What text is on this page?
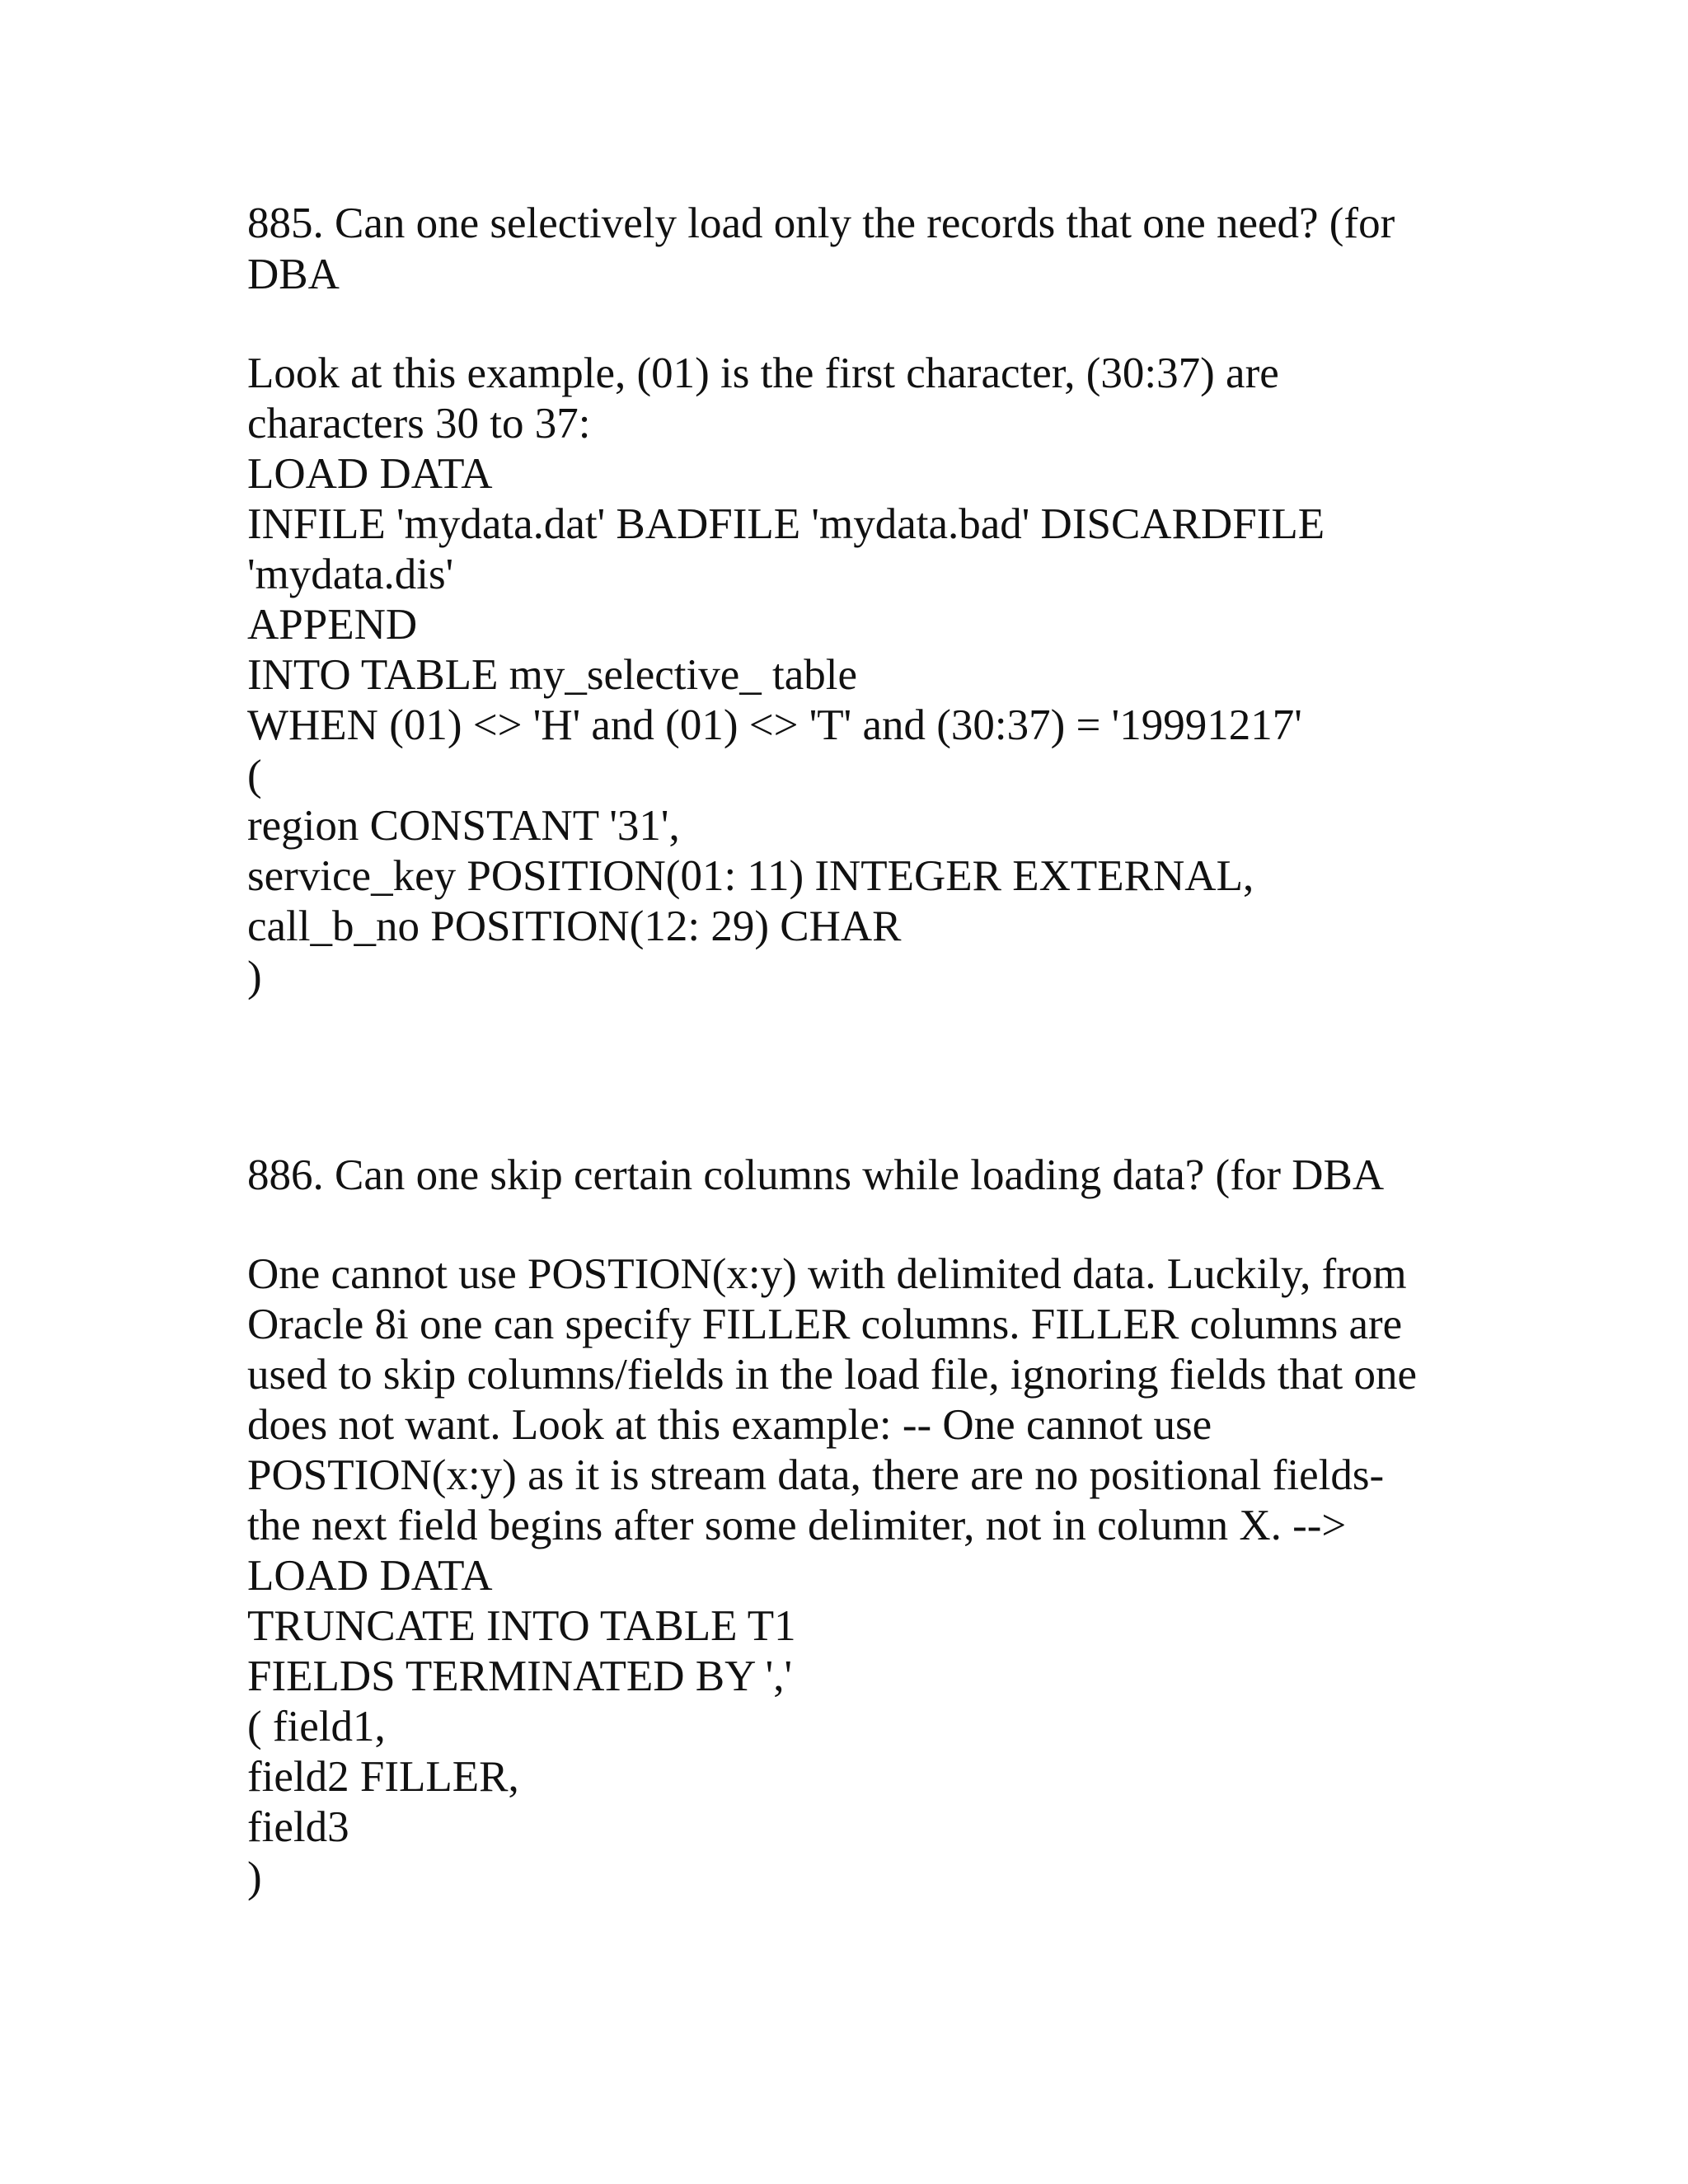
885. Can one selectively load only the records that one need? (for
DBA
Look at this example, (01) is the first character, (30:37) are
characters 30 to 37:
LOAD DATA
INFILE 'mydata.dat' BADFILE 'mydata.bad' DISCARDFILE
'mydata.dis'
APPEND
INTO TABLE my_selective_ table
WHEN (01) <> 'H' and (01) <> 'T' and (30:37) = '19991217'
(
region CONSTANT '31',
service_key POSITION(01: 11) INTEGER EXTERNAL,
call_b_no POSITION(12: 29) CHAR
)
886. Can one skip certain columns while loading data? (for DBA
One cannot use POSTION(x:y) with delimited data. Luckily, from
Oracle 8i one can specify FILLER columns. FILLER columns are
used to skip columns/fields in the load file, ignoring fields that one
does not want. Look at this example: -- One cannot use
POSTION(x:y) as it is stream data, there are no positional fields-
the next field begins after some delimiter, not in column X. -->
LOAD DATA
TRUNCATE INTO TABLE T1
FIELDS TERMINATED BY ','
( field1,
field2 FILLER,
field3
)
